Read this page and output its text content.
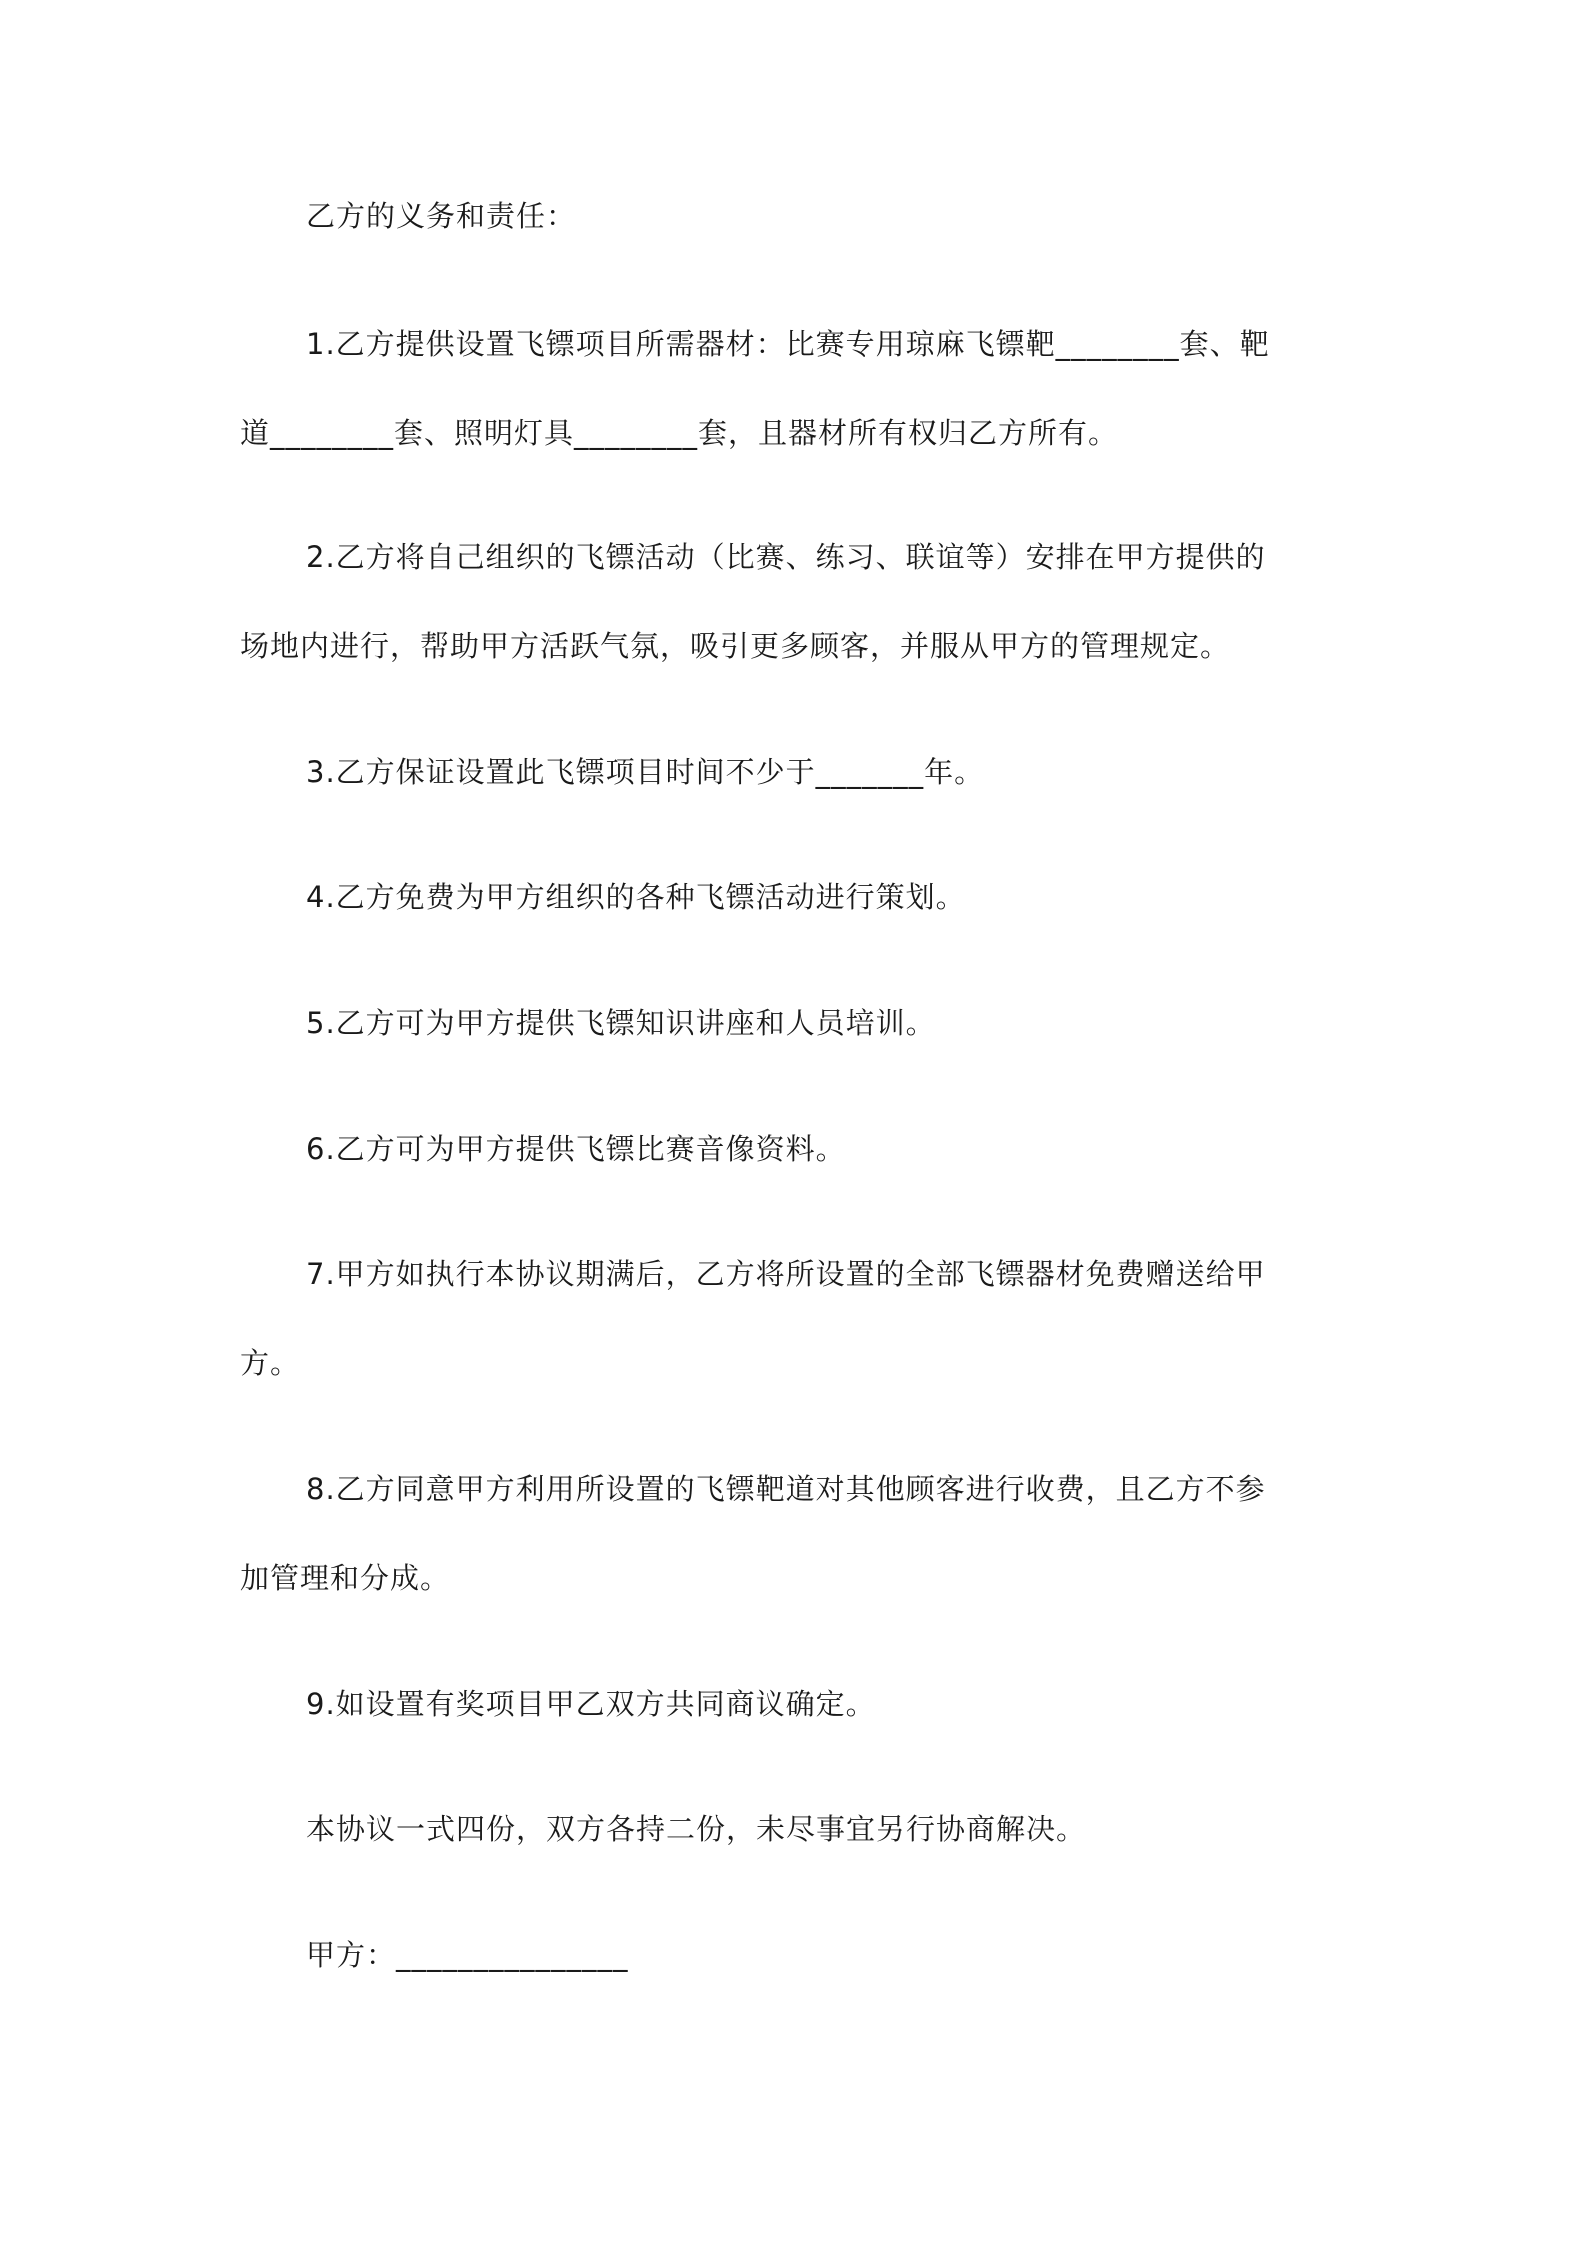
乙方的义务和责任：
1.乙方提供设置飞镖项目所需器材：比赛专用琼麻飞镖靶________套、靶
道________套、照明灯具________套，且器材所有权归乙方所有。
2.乙方将自己组织的飞镖活动（比赛、练习、联谊等）安排在甲方提供的
场地内进行，帮助甲方活跃气氛，吸引更多顾客，并服从甲方的管理规定。
3.乙方保证设置此飞镖项目时间不少于_______年。
4.乙方免费为甲方组织的各种飞镖活动进行策划。
5.乙方可为甲方提供飞镖知识讲座和人员培训。
6.乙方可为甲方提供飞镖比赛音像资料。
7.甲方如执行本协议期满后，乙方将所设置的全部飞镖器材免费赠送给甲
方。
8.乙方同意甲方利用所设置的飞镖靶道对其他顾客进行收费，且乙方不参
加管理和分成。
9.如设置有奖项目甲乙双方共同商议确定。
本协议一式四份，双方各持二份，未尽事宜另行协商解决。
甲方：_______________
